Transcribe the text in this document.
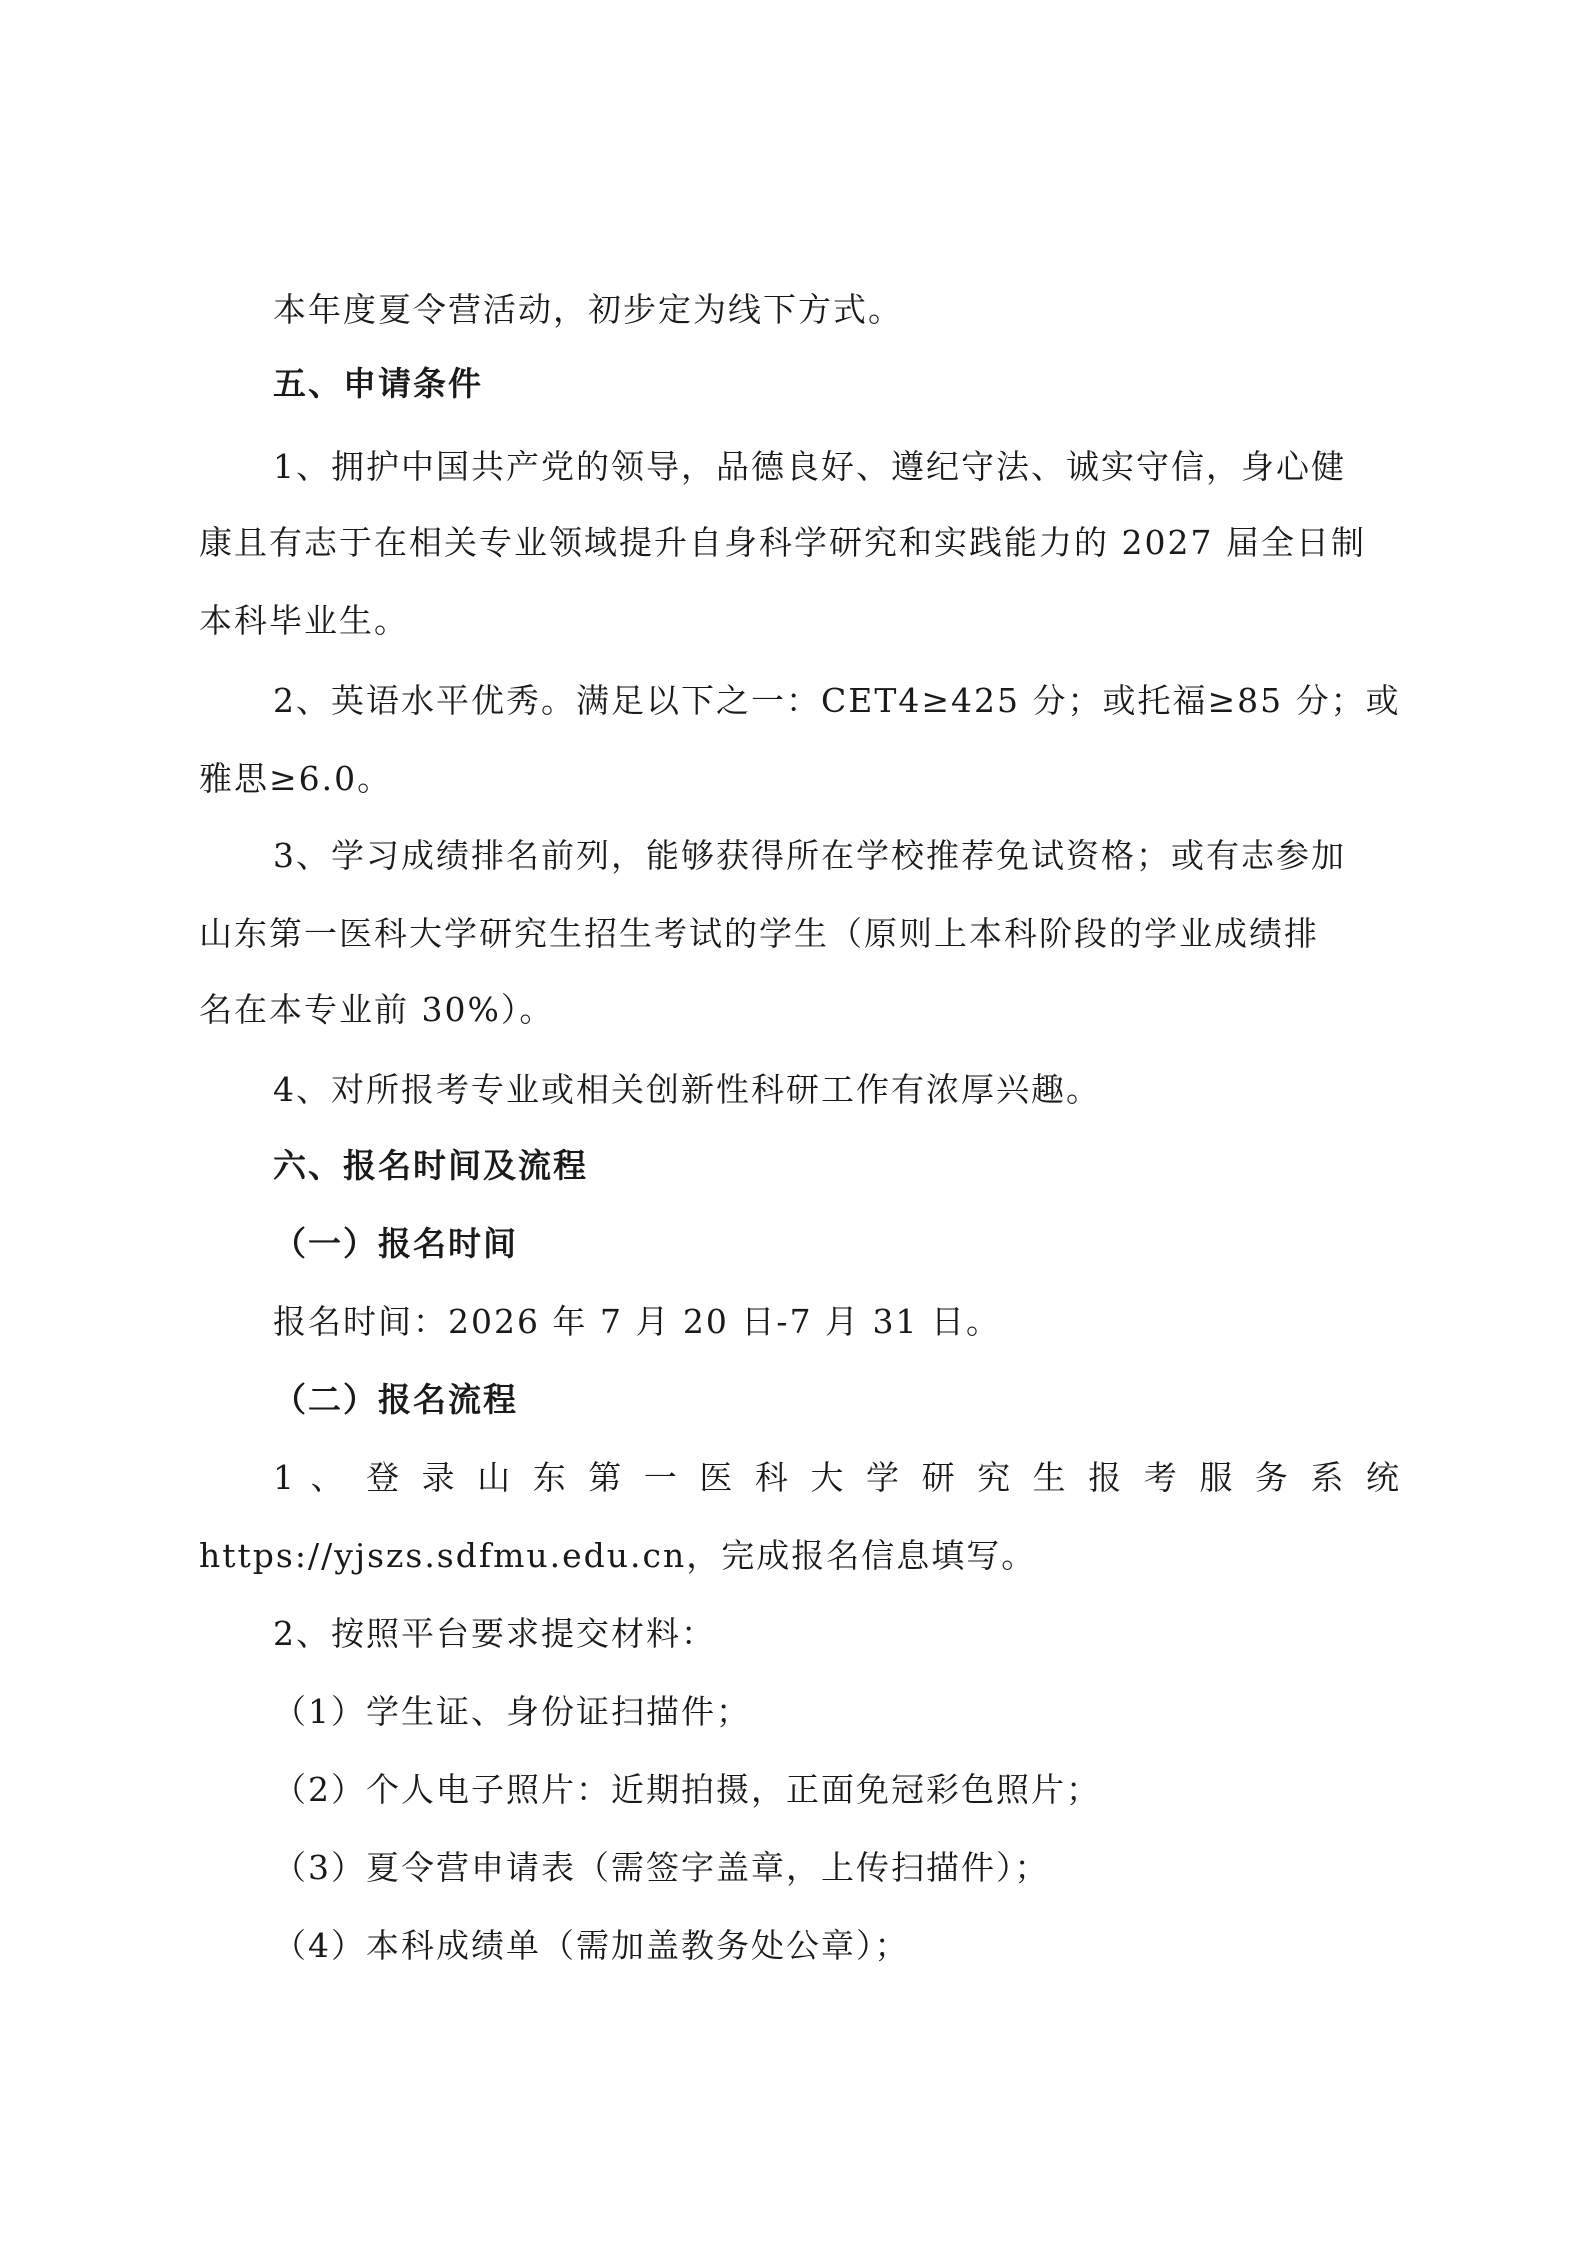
本年度夏令营活动，初步定为线下方式。
五、申请条件
1、拥护中国共产党的领导，品德良好、遵纪守法、诚实守信，身心健
康且有志于在相关专业领域提升自身科学研究和实践能力的 2027 届全日制
本科毕业生。
2、英语水平优秀。满足以下之一：CET4≥425 分；或托福≥85 分；或
雅思≥6.0。
3、学习成绩排名前列，能够获得所在学校推荐免试资格；或有志参加
山东第一医科大学研究生招生考试的学生（原则上本科阶段的学业成绩排
名在本专业前 30%）。
4、对所报考专业或相关创新性科研工作有浓厚兴趣。
六、报名时间及流程
（一）报名时间
报名时间：2026 年 7 月 20 日-7 月 31 日。
（二）报名流程
1 、 登 录 山 东 第 一 医 科 大 学 研 究 生 报 考 服 务 系 统
https://yjszs.sdfmu.edu.cn，完成报名信息填写。
2、按照平台要求提交材料：
（1）学生证、身份证扫描件；
（2）个人电子照片：近期拍摄，正面免冠彩色照片；
（3）夏令营申请表（需签字盖章，上传扫描件）；
（4）本科成绩单（需加盖教务处公章）；
